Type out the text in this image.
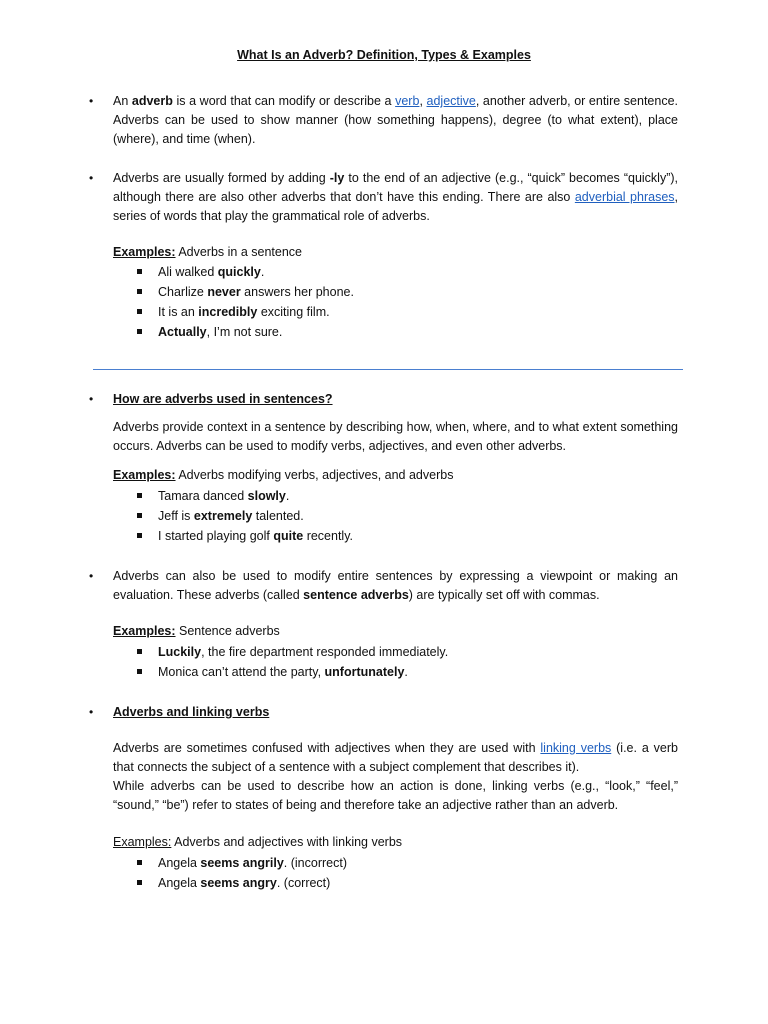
What Is an Adverb? Definition, Types & Examples
• An adverb is a word that can modify or describe a verb, adjective, another adverb, or entire sentence. Adverbs can be used to show manner (how something happens), degree (to what extent), place (where), and time (when).
• Adverbs are usually formed by adding -ly to the end of an adjective (e.g., “quick” becomes “quickly”), although there are also other adverbs that don’t have this ending. There are also adverbial phrases, series of words that play the grammatical role of adverbs.
Examples: Adverbs in a sentence
Ali walked quickly.
Charlize never answers her phone.
It is an incredibly exciting film.
Actually, I’m not sure.
• How are adverbs used in sentences?
Adverbs provide context in a sentence by describing how, when, where, and to what extent something occurs. Adverbs can be used to modify verbs, adjectives, and even other adverbs.
Examples: Adverbs modifying verbs, adjectives, and adverbs
Tamara danced slowly.
Jeff is extremely talented.
I started playing golf quite recently.
• Adverbs can also be used to modify entire sentences by expressing a viewpoint or making an evaluation. These adverbs (called sentence adverbs) are typically set off with commas.
Examples: Sentence adverbs
Luckily, the fire department responded immediately.
Monica can’t attend the party, unfortunately.
• Adverbs and linking verbs
Adverbs are sometimes confused with adjectives when they are used with linking verbs (i.e. a verb that connects the subject of a sentence with a subject complement that describes it).
While adverbs can be used to describe how an action is done, linking verbs (e.g., “look,” “feel,” “sound,” “be”) refer to states of being and therefore take an adjective rather than an adverb.
Examples: Adverbs and adjectives with linking verbs
Angela seems angrily. (incorrect)
Angela seems angry. (correct)
